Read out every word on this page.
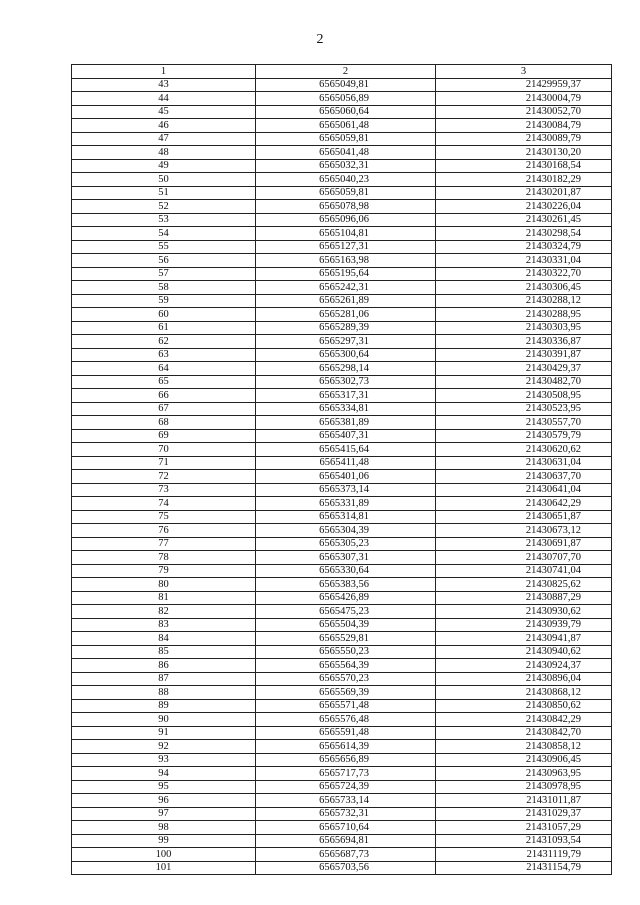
2
1	2	3
43	6565049,81	21429959,37
44	6565056,89	21430004,79
45	6565060,64	21430052,70
46	6565061,48	21430084,79
47	6565059,81	21430089,79
48	6565041,48	21430130,20
49	6565032,31	21430168,54
50	6565040,23	21430182,29
51	6565059,81	21430201,87
52	6565078,98	21430226,04
53	6565096,06	21430261,45
54	6565104,81	21430298,54
55	6565127,31	21430324,79
56	6565163,98	21430331,04
57	6565195,64	21430322,70
58	6565242,31	21430306,45
59	6565261,89	21430288,12
60	6565281,06	21430288,95
61	6565289,39	21430303,95
62	6565297,31	21430336,87
63	6565300,64	21430391,87
64	6565298,14	21430429,37
65	6565302,73	21430482,70
66	6565317,31	21430508,95
67	6565334,81	21430523,95
68	6565381,89	21430557,70
69	6565407,31	21430579,79
70	6565415,64	21430620,62
71	6565411,48	21430631,04
72	6565401,06	21430637,70
73	6565373,14	21430641,04
74	6565331,89	21430642,29
75	6565314,81	21430651,87
76	6565304,39	21430673,12
77	6565305,23	21430691,87
78	6565307,31	21430707,70
79	6565330,64	21430741,04
80	6565383,56	21430825,62
81	6565426,89	21430887,29
82	6565475,23	21430930,62
83	6565504,39	21430939,79
84	6565529,81	21430941,87
85	6565550,23	21430940,62
86	6565564,39	21430924,37
87	6565570,23	21430896,04
88	6565569,39	21430868,12
89	6565571,48	21430850,62
90	6565576,48	21430842,29
91	6565591,48	21430842,70
92	6565614,39	21430858,12
93	6565656,89	21430906,45
94	6565717,73	21430963,95
95	6565724,39	21430978,95
96	6565733,14	21431011,87
97	6565732,31	21431029,37
98	6565710,64	21431057,29
99	6565694,81	21431093,54
100	6565687,73	21431119,79
101	6565703,56	21431154,79
